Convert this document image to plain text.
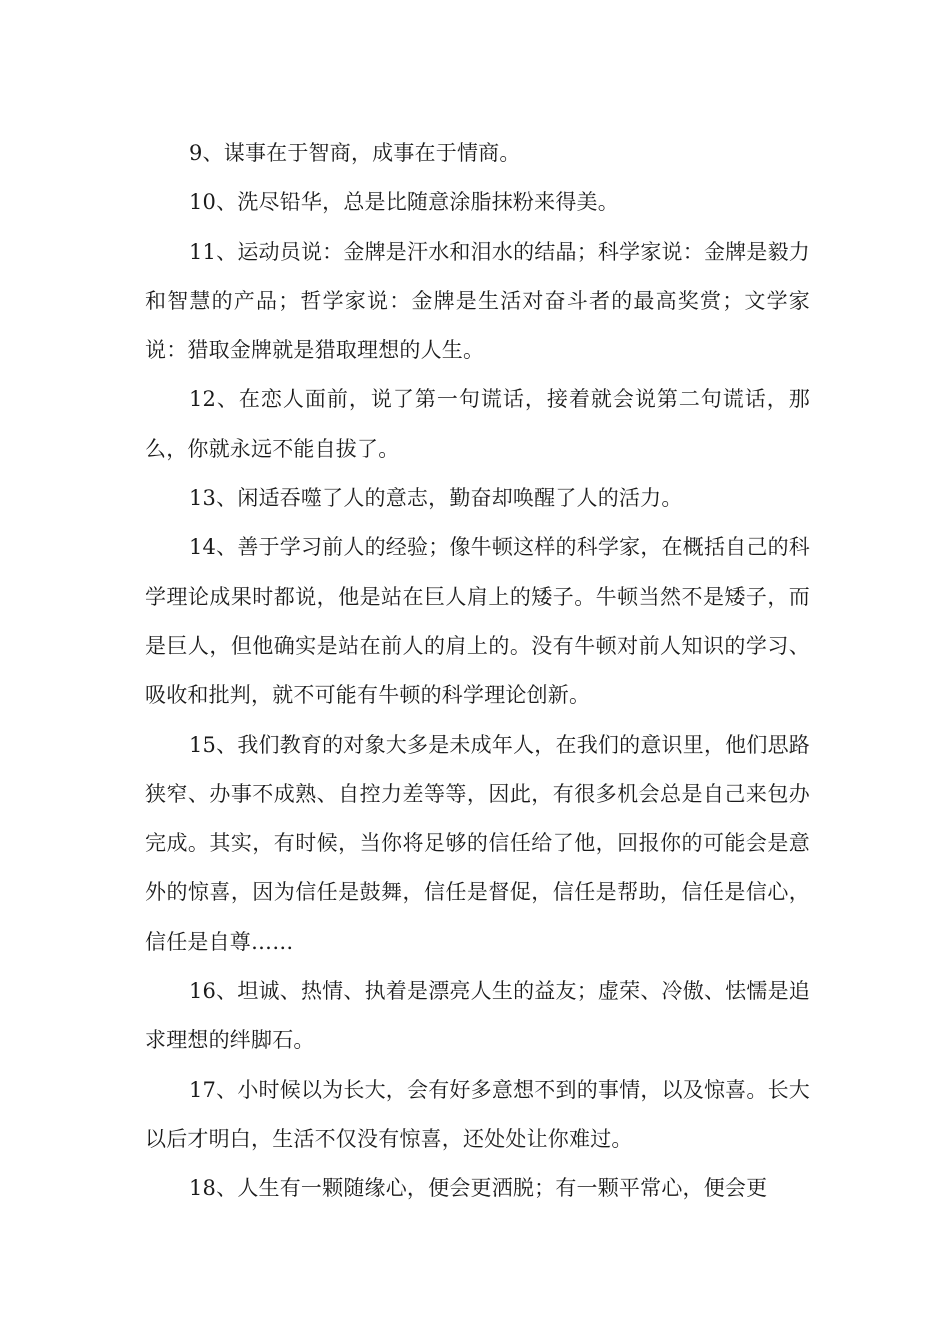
9、谋事在于智商，成事在于情商。

10、洗尽铅华，总是比随意涂脂抹粉来得美。

11、运动员说：金牌是汗水和泪水的结晶；科学家说：金牌是毅力和智慧的产品；哲学家说：金牌是生活对奋斗者的最高奖赏；文学家说：猎取金牌就是猎取理想的人生。

12、在恋人面前，说了第一句谎话，接着就会说第二句谎话，那么，你就永远不能自拔了。

13、闲适吞噬了人的意志，勤奋却唤醒了人的活力。

14、善于学习前人的经验；像牛顿这样的科学家，在概括自己的科学理论成果时都说，他是站在巨人肩上的矮子。牛顿当然不是矮子，而是巨人，但他确实是站在前人的肩上的。没有牛顿对前人知识的学习、吸收和批判，就不可能有牛顿的科学理论创新。

15、我们教育的对象大多是未成年人，在我们的意识里，他们思路狭窄、办事不成熟、自控力差等等，因此，有很多机会总是自己来包办完成。其实，有时候，当你将足够的信任给了他，回报你的可能会是意外的惊喜，因为信任是鼓舞，信任是督促，信任是帮助，信任是信心，信任是自尊……

16、坦诚、热情、执着是漂亮人生的益友；虚荣、冷傲、怯懦是追求理想的绊脚石。

17、小时候以为长大，会有好多意想不到的事情，以及惊喜。长大以后才明白，生活不仅没有惊喜，还处处让你难过。

18、人生有一颗随缘心，便会更洒脱；有一颗平常心，便会更
